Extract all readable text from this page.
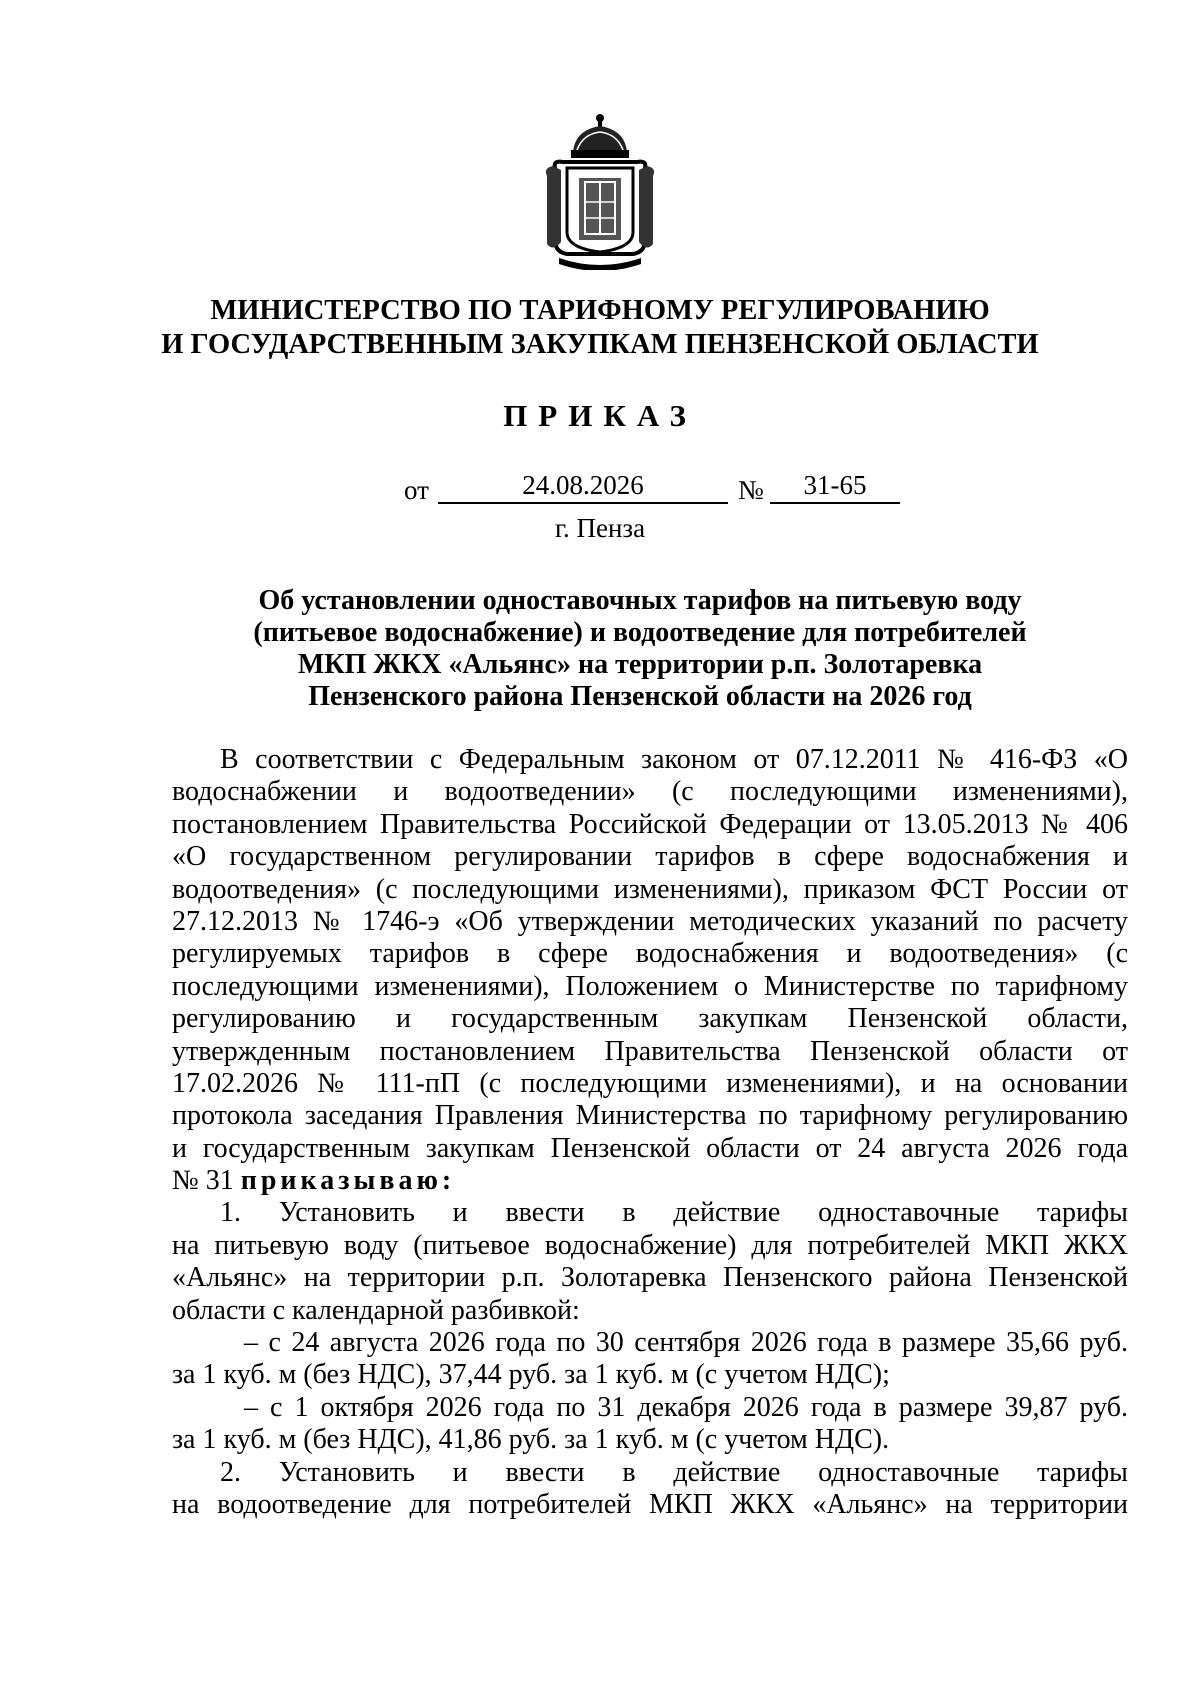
МИНИСТЕРСТВО ПО ТАРИФНОМУ РЕГУЛИРОВАНИЮ
И ГОСУДАРСТВЕННЫМ ЗАКУПКАМ ПЕНЗЕНСКОЙ ОБЛАСТИ
ПРИКАЗ
от	24.08.2026	№	31-65
г. Пенза
Об установлении одноставочных тарифов на питьевую воду
(питьевое водоснабжение) и водоотведение для потребителей
МКП ЖКХ «Альянс» на территории р.п. Золотаревка
Пензенского района Пензенской области на 2026 год
В соответствии с Федеральным законом от 07.12.2011 № 416-ФЗ «О
водоснабжении и водоотведении» (с последующими изменениями),
постановлением Правительства Российской Федерации от 13.05.2013 № 406
«О государственном регулировании тарифов в сфере водоснабжения и
водоотведения» (с последующими изменениями), приказом ФСТ России от
27.12.2013 № 1746-э «Об утверждении методических указаний по расчету
регулируемых тарифов в сфере водоснабжения и водоотведения» (с
последующими изменениями), Положением о Министерстве по тарифному
регулированию и государственным закупкам Пензенской области,
утвержденным постановлением Правительства Пензенской области от
17.02.2026 № 111-пП (с последующими изменениями), и на основании
протокола заседания Правления Министерства по тарифному регулированию
и государственным закупкам Пензенской области от 24 августа 2026 года
№ 31 приказываю:
1. Установить и ввести в действие одноставочные тарифы
на питьевую воду (питьевое водоснабжение) для потребителей МКП ЖКХ
«Альянс» на территории р.п. Золотаревка Пензенского района Пензенской
области с календарной разбивкой:
– с 24 августа 2026 года по 30 сентября 2026 года в размере 35,66 руб.
за 1 куб. м (без НДС), 37,44 руб. за 1 куб. м (с учетом НДС);
– с 1 октября 2026 года по 31 декабря 2026 года в размере 39,87 руб.
за 1 куб. м (без НДС), 41,86 руб. за 1 куб. м (с учетом НДС).
2. Установить и ввести в действие одноставочные тарифы
на водоотведение для потребителей МКП ЖКХ «Альянс» на территории
